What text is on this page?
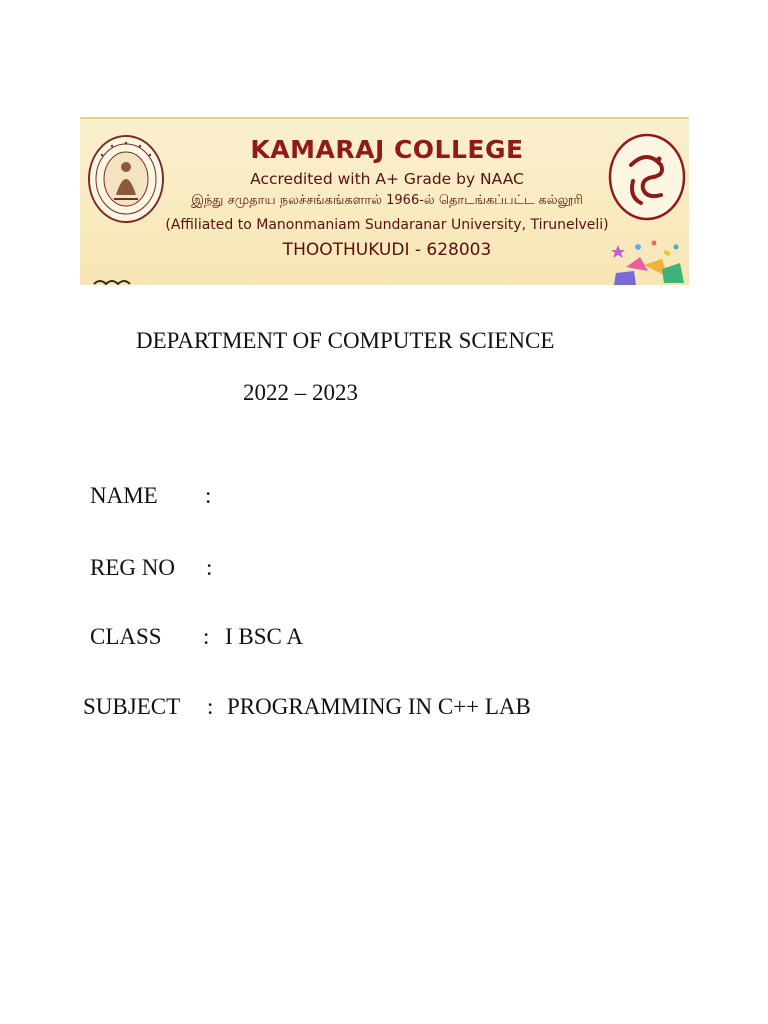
KAMARAJ COLLEGE
Accredited with A+ Grade by NAAC
இந்து சமுதாய நலச்சங்கங்களால் 1966-ல் தொடங்கப்பட்ட கல்லூரி
(Affiliated to Manonmaniam Sundaranar University, Tirunelveli)
THOOTHUKUDI - 628003
DEPARTMENT OF COMPUTER SCIENCE
2022 – 2023
NAME :
REG NO :
CLASS : I BSC A
SUBJECT : PROGRAMMING IN C++ LAB
